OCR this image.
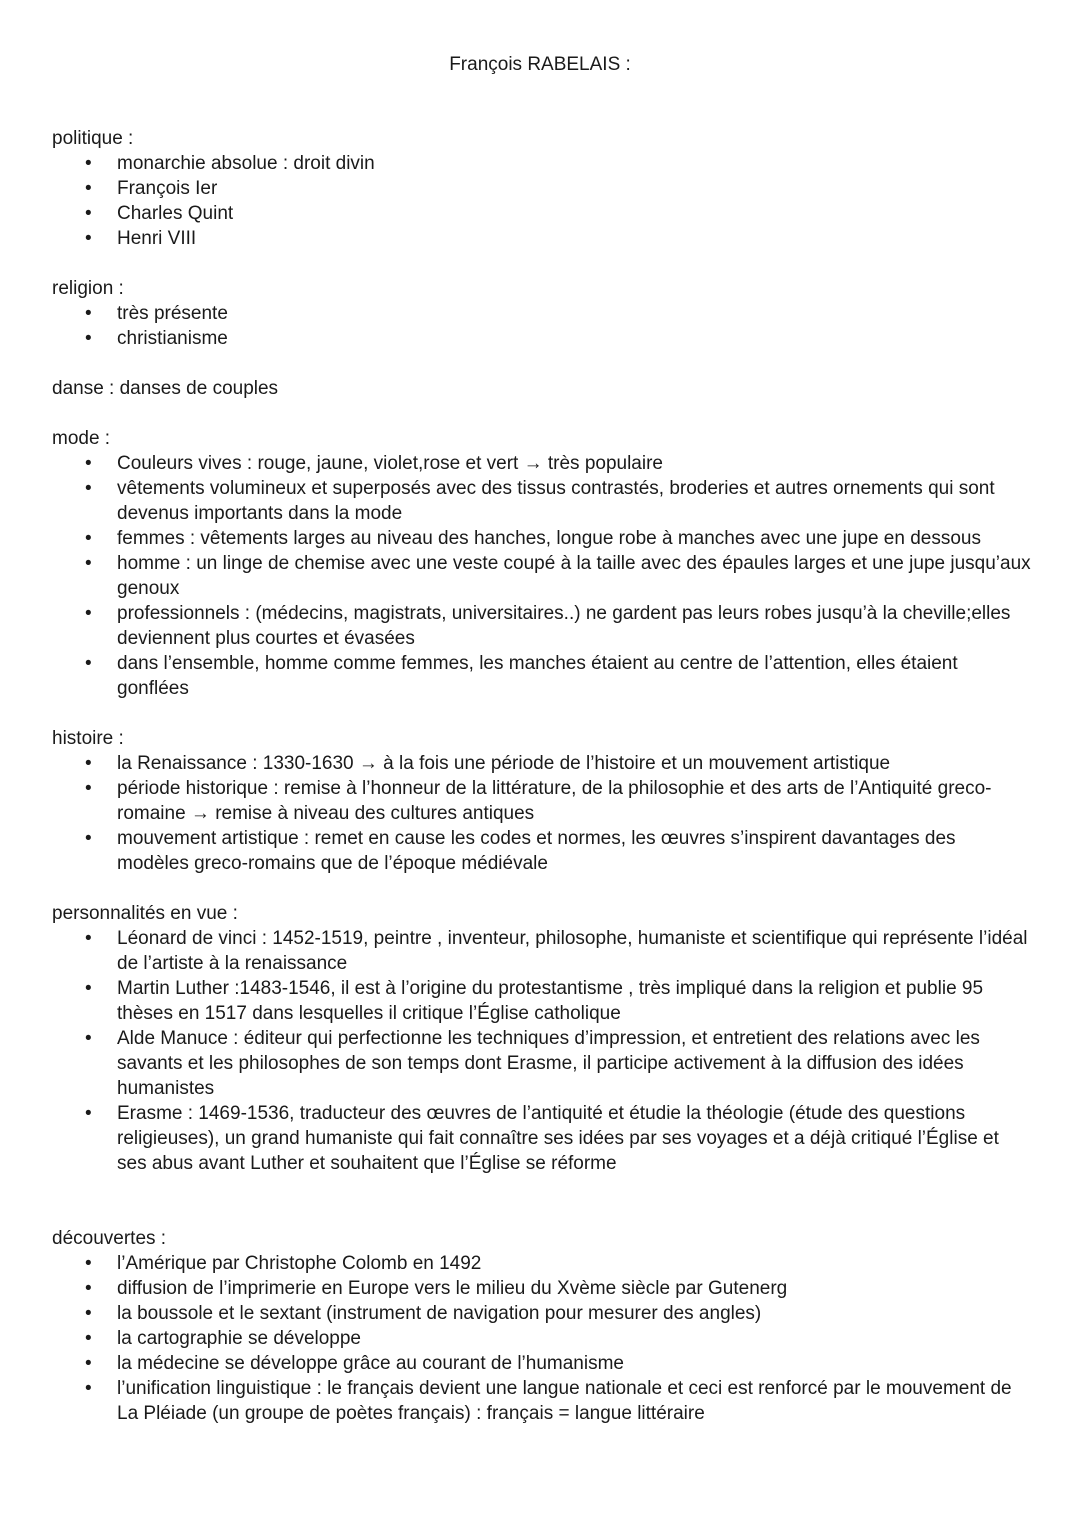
François RABELAIS :

politique :

• monarchie absolue : droit divin
• François Ier
• Charles Quint
• Henri VIII

religion :

• très présente
• christianisme

danse : danses de couples

mode :

• Couleurs vives : rouge, jaune, violet,rose et vert → très populaire
• vêtements volumineux et superposés avec des tissus contrastés, broderies et autres ornements qui sont devenus importants dans la mode
• femmes : vêtements larges au niveau des hanches, longue robe à manches avec une jupe en dessous
• homme : un linge de chemise avec une veste coupé à la taille avec des épaules larges et une jupe jusqu’aux genoux
• professionnels : (médecins, magistrats, universitaires..) ne gardent pas leurs robes jusqu’à la cheville;elles deviennent plus courtes et évasées
• dans l’ensemble, homme comme femmes, les manches étaient au centre de l’attention, elles étaient gonflées

histoire :

• la Renaissance : 1330-1630 → à la fois une période de l’histoire et un mouvement artistique
• période historique : remise à l’honneur de la littérature, de la philosophie et des arts de l’Antiquité greco-romaine → remise à niveau des cultures antiques
• mouvement artistique : remet en cause les codes et normes, les œuvres s’inspirent davantages des modèles greco-romains que de l’époque médiévale

personnalités en vue :

• Léonard de vinci : 1452-1519, peintre , inventeur, philosophe, humaniste et scientifique qui représente l’idéal de l’artiste à la renaissance
• Martin Luther :1483-1546, il est à l’origine du protestantisme , très impliqué dans la religion et publie 95 thèses en 1517 dans lesquelles il critique l’Église catholique
• Alde Manuce : éditeur qui perfectionne les techniques d’impression, et entretient des relations avec les savants et les philosophes de son temps dont Erasme, il participe activement à la diffusion des idées humanistes
• Erasme : 1469-1536, traducteur des œuvres de l’antiquité et étudie la théologie (étude des questions religieuses), un grand humaniste qui fait connaître ses idées par ses voyages et a déjà critiqué l’Église et ses abus avant Luther et souhaitent que l’Église se réforme

découvertes :

• l’Amérique par Christophe Colomb en 1492
• diffusion de l’imprimerie en Europe vers le milieu du Xvème siècle par Gutenerg
• la boussole et le sextant (instrument de navigation pour mesurer des angles)
• la cartographie se développe
• la médecine se développe grâce au courant de l’humanisme
• l’unification linguistique : le français devient une langue nationale et ceci est renforcé par le mouvement de La Pléiade (un groupe de poètes français) : français = langue littéraire
